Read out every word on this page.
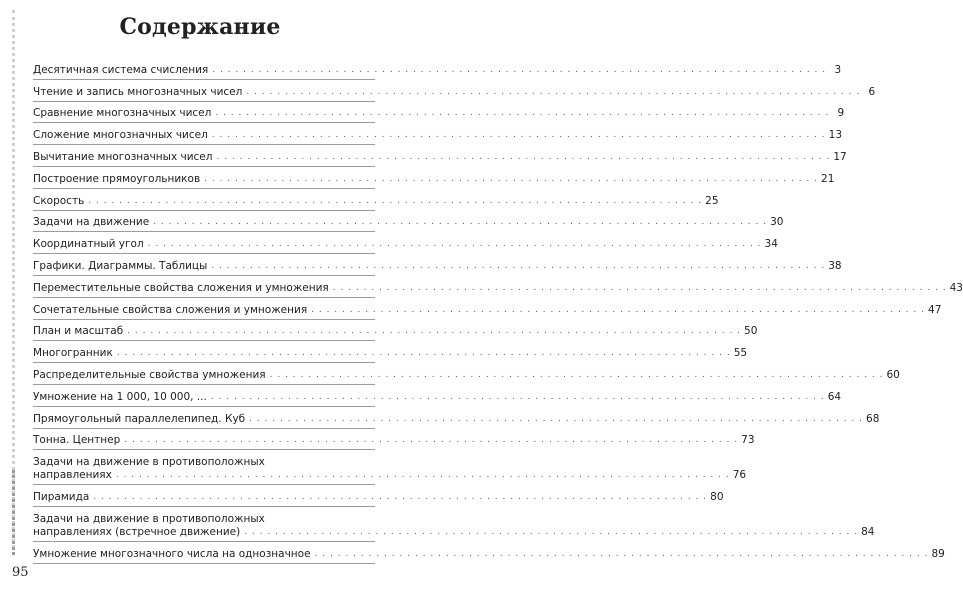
Содержание
Десятичная система счисления . . . . . . . . . . . . . . . . . . . . . . . . . . . . . . . . . . . . . . . . . . . . . . . . . . . . . . . . . . . . . . . . . . . . . . . . . . . . . . . . 3
Чтение и запись многозначных чисел . . . . . . . . . . . . . . . . . . . . . . . . . . . . . . . . . . . . . . . . . . . . . . . . . . . . . . . . . . . . . . . . . . . . . . . . . . . . . . . . 6
Сравнение многозначных чисел . . . . . . . . . . . . . . . . . . . . . . . . . . . . . . . . . . . . . . . . . . . . . . . . . . . . . . . . . . . . . . . . . . . . . . . . . . . . . . . . 9
Сложение многозначных чисел . . . . . . . . . . . . . . . . . . . . . . . . . . . . . . . . . . . . . . . . . . . . . . . . . . . . . . . . . . . . . . . . . . . . . . . . . . . . . . . . 13
Вычитание многозначных чисел . . . . . . . . . . . . . . . . . . . . . . . . . . . . . . . . . . . . . . . . . . . . . . . . . . . . . . . . . . . . . . . . . . . . . . . . . . . . . . . . 17
Построение прямоугольников . . . . . . . . . . . . . . . . . . . . . . . . . . . . . . . . . . . . . . . . . . . . . . . . . . . . . . . . . . . . . . . . . . . . . . . . . . . . . . . . 21
Скорость . . . . . . . . . . . . . . . . . . . . . . . . . . . . . . . . . . . . . . . . . . . . . . . . . . . . . . . . . . . . . . . . . . . . . . . . . . . . . . . . 25
Задачи на движение . . . . . . . . . . . . . . . . . . . . . . . . . . . . . . . . . . . . . . . . . . . . . . . . . . . . . . . . . . . . . . . . . . . . . . . . . . . . . . . . 30
Координатный угол . . . . . . . . . . . . . . . . . . . . . . . . . . . . . . . . . . . . . . . . . . . . . . . . . . . . . . . . . . . . . . . . . . . . . . . . . . . . . . . . 34
Графики. Диаграммы. Таблицы . . . . . . . . . . . . . . . . . . . . . . . . . . . . . . . . . . . . . . . . . . . . . . . . . . . . . . . . . . . . . . . . . . . . . . . . . . . . . . . . 38
Переместительные свойства сложения и умножения . . . . . . . . . . . . . . . . . . . . . . . . . . . . . . . . . . . . . . . . . . . . . . . . . . . . . . . . . . . . . . . . . . . . . . . . . . . . . . . . 43
Сочетательные свойства сложения и умножения . . . . . . . . . . . . . . . . . . . . . . . . . . . . . . . . . . . . . . . . . . . . . . . . . . . . . . . . . . . . . . . . . . . . . . . . . . . . . . . . 47
План и масштаб . . . . . . . . . . . . . . . . . . . . . . . . . . . . . . . . . . . . . . . . . . . . . . . . . . . . . . . . . . . . . . . . . . . . . . . . . . . . . . . . 50
Многогранник . . . . . . . . . . . . . . . . . . . . . . . . . . . . . . . . . . . . . . . . . . . . . . . . . . . . . . . . . . . . . . . . . . . . . . . . . . . . . . . . 55
Распределительные свойства умножения . . . . . . . . . . . . . . . . . . . . . . . . . . . . . . . . . . . . . . . . . . . . . . . . . . . . . . . . . . . . . . . . . . . . . . . . . . . . . . . . 60
Умножение на 1 000, 10 000, ... . . . . . . . . . . . . . . . . . . . . . . . . . . . . . . . . . . . . . . . . . . . . . . . . . . . . . . . . . . . . . . . . . . . . . . . . . . . . . . . . 64
Прямоугольный параллелепипед. Куб . . . . . . . . . . . . . . . . . . . . . . . . . . . . . . . . . . . . . . . . . . . . . . . . . . . . . . . . . . . . . . . . . . . . . . . . . . . . . . . . 68
Тонна. Центнер . . . . . . . . . . . . . . . . . . . . . . . . . . . . . . . . . . . . . . . . . . . . . . . . . . . . . . . . . . . . . . . . . . . . . . . . . . . . . . . . 73
Задачи на движение в противоположных
направлениях . . . . . . . . . . . . . . . . . . . . . . . . . . . . . . . . . . . . . . . . . . . . . . . . . . . . . . . . . . . . . . . . . . . . . . . . . . . . . . . . 76
Пирамида . . . . . . . . . . . . . . . . . . . . . . . . . . . . . . . . . . . . . . . . . . . . . . . . . . . . . . . . . . . . . . . . . . . . . . . . . . . . . . . . 80
Задачи на движение в противоположных
направлениях (встречное движение) . . . . . . . . . . . . . . . . . . . . . . . . . . . . . . . . . . . . . . . . . . . . . . . . . . . . . . . . . . . . . . . . . . . . . . . . . . . . . . . . 84
Умножение многозначного числа на однозначное . . . . . . . . . . . . . . . . . . . . . . . . . . . . . . . . . . . . . . . . . . . . . . . . . . . . . . . . . . . . . . . . . . . . . . . . . . . . . . . . 89
95
